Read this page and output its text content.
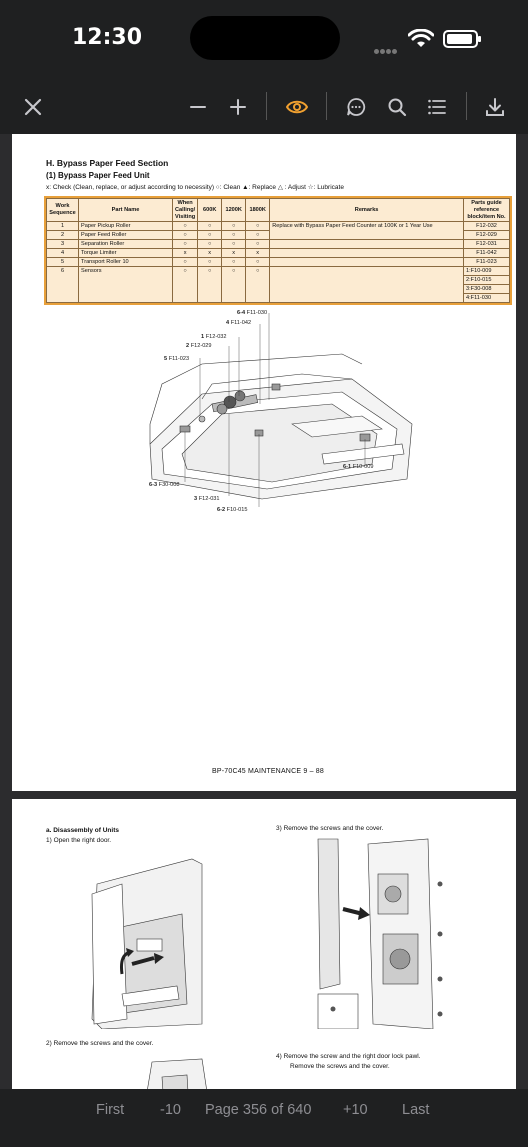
12:30
H. Bypass Paper Feed Section
(1) Bypass Paper Feed Unit
x: Check (Clean, replace, or adjust according to necessity) ○: Clean ▲: Replace △ : Adjust ☆: Lubricate
Work Sequence	Part Name	When Calling/ Visiting	600K	1200K	1800K	Remarks	Parts guide reference block/item No.
1	Paper Pickup Roller	○	○	○	○	Replace with Bypass Paper Feed Counter at 100K or 1 Year Use	F12-032
2	Paper Feed Roller	○	○	○	○		F12-029
3	Separation Roller	○	○	○	○		F12-031
4	Torque Limiter	x	x	x	x		F11-042
5	Transport Roller 10	○	○	○	○		F11-023
6	Sensors	○	○	○	○		1:F10-009
							2:F10-015
							3:F30-008
							4:F11-030
6-4 F11-030
4 F11-042
1 F12-032
2 F12-029
5 F11-023
6-1 F10-009
6-3 F30-008
3 F12-031
6-2 F10-015
BP-70C45 MAINTENANCE 9 – 88
a. Disassembly of Units
1) Open the right door.
3) Remove the screws and the cover.
2) Remove the screws and the cover.
4) Remove the screw and the right door lock pawl.
Remove the screws and the cover.
First -10 Page 356 of 640 +10 Last
